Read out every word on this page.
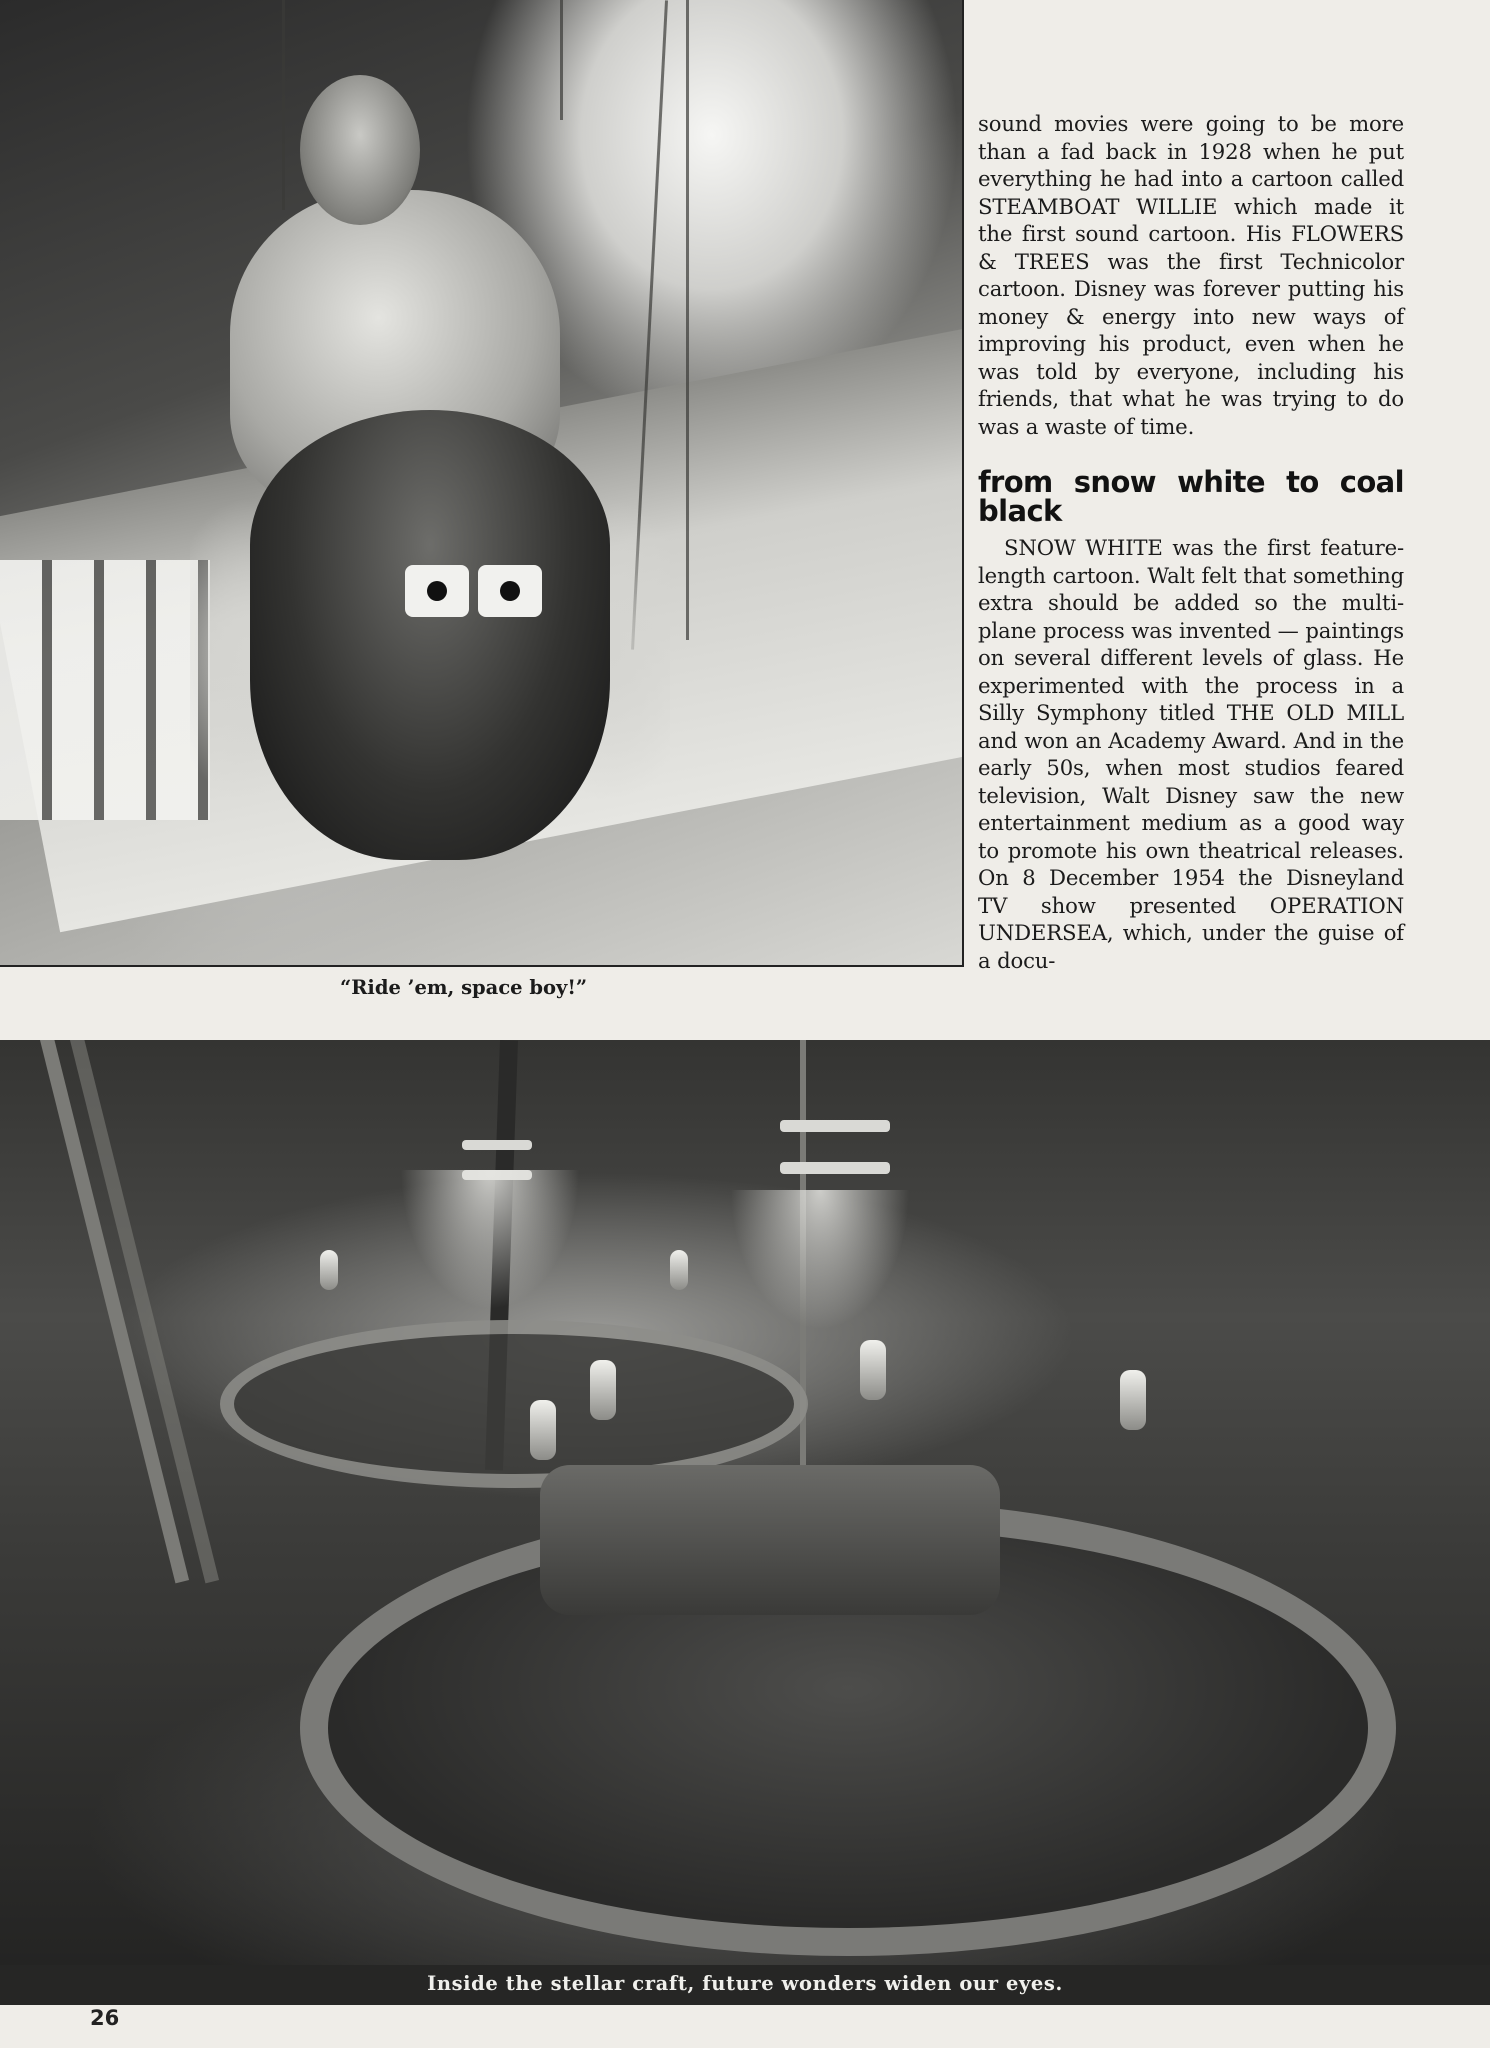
“Ride ’em, space boy!”

sound movies were going to be more than a fad back in 1928 when he put everything he had into a cartoon called STEAMBOAT WILLIE which made it the first sound cartoon. His FLOWERS & TREES was the first Technicolor cartoon. Disney was forever putting his money & energy into new ways of improving his product, even when he was told by everyone, including his friends, that what he was trying to do was a waste of time.

from snow white to coal black

SNOW WHITE was the first feature-length cartoon. Walt felt that something extra should be added so the multi-plane process was invented — paintings on several different levels of glass. He experimented with the process in a Silly Symphony titled THE OLD MILL and won an Academy Award. And in the early 50s, when most studios feared television, Walt Disney saw the new entertainment medium as a good way to promote his own theatrical releases. On 8 December 1954 the Disneyland TV show presented OPERATION UNDERSEA, which, under the guise of a docu-

Inside the stellar craft, future wonders widen our eyes.
26
